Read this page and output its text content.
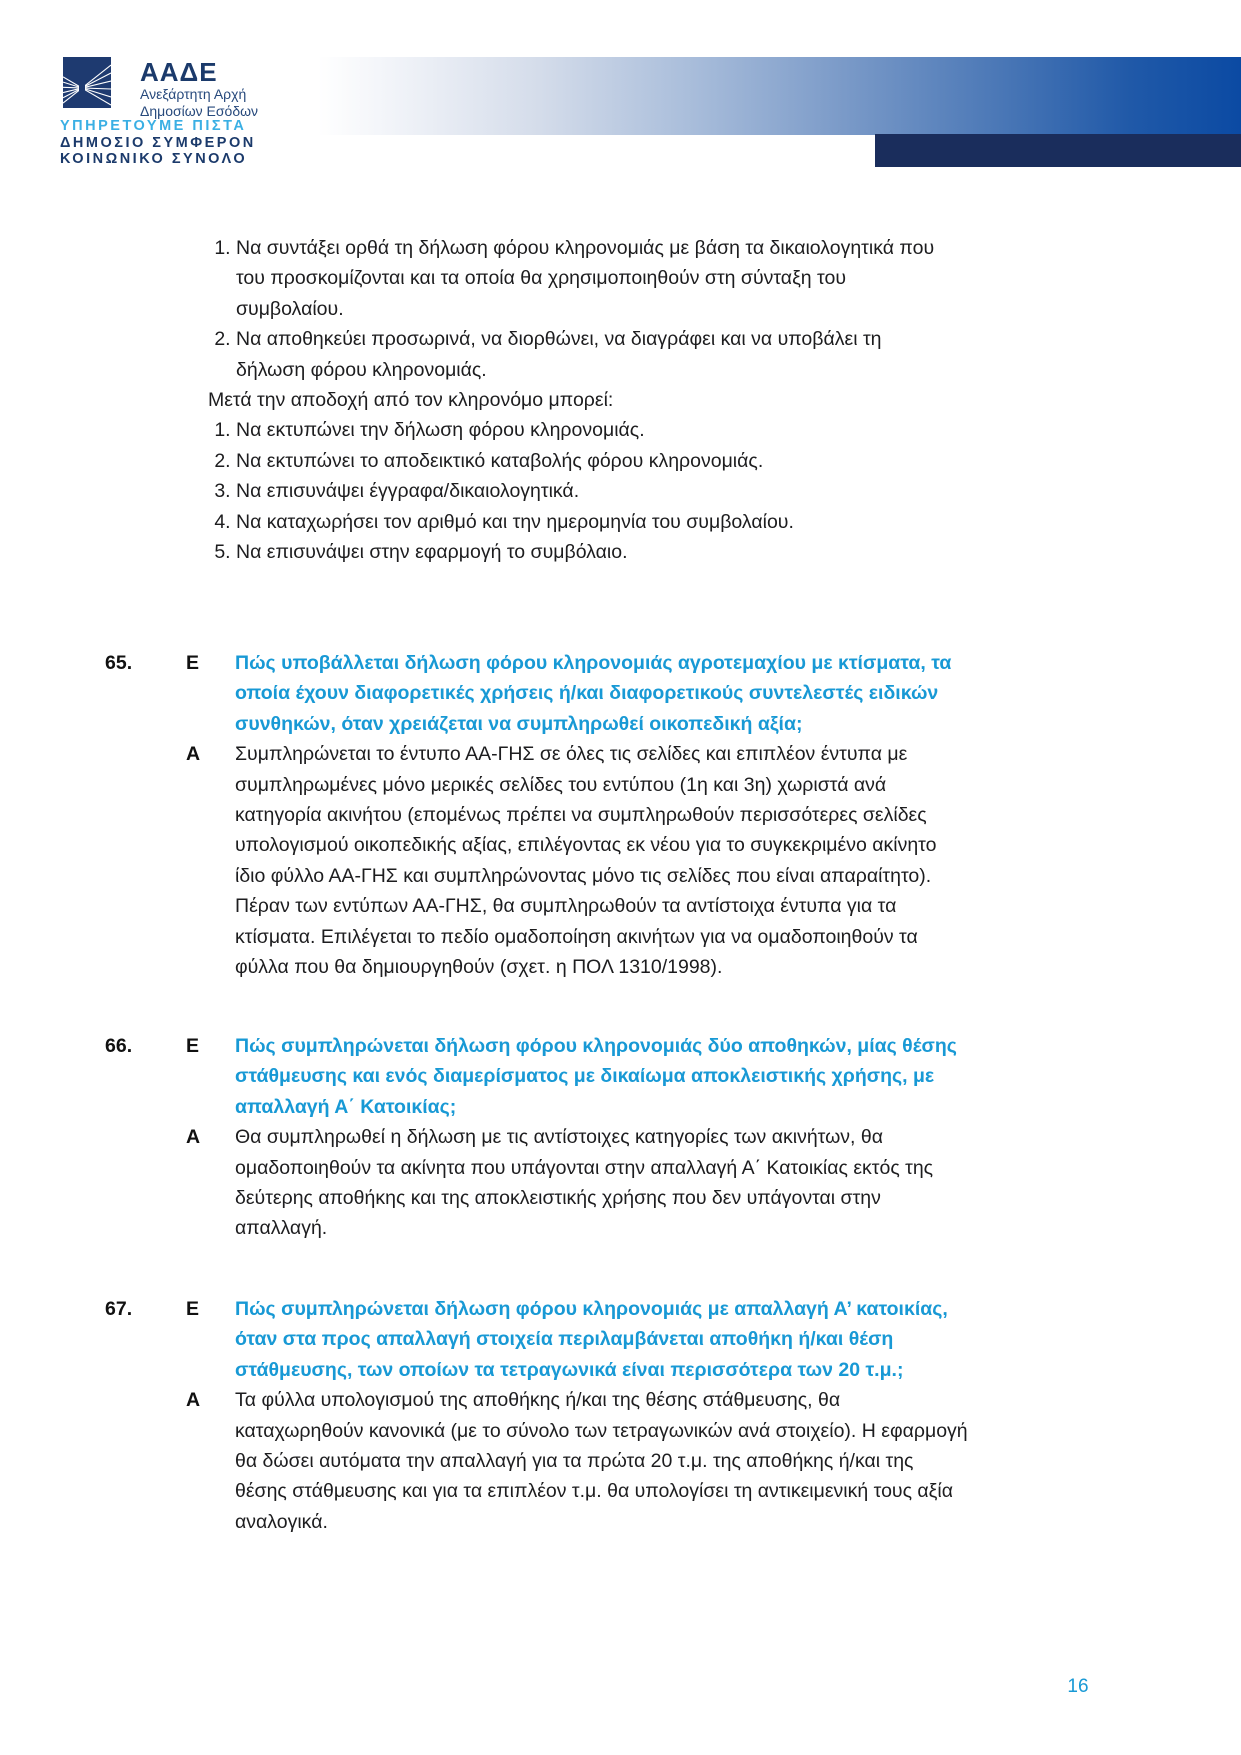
ΑΑΔΕ
Ανεξάρτητη Αρχή
Δημοσίων Εσόδων
ΥΠΗΡΕΤΟΥΜΕ ΠΙΣΤΑ
ΔΗΜΟΣΙΟ ΣΥΜΦΕΡΟΝ
ΚΟΙΝΩΝΙΚΟ ΣΥΝΟΛΟ
1. Να συντάξει ορθά τη δήλωση φόρου κληρονομιάς με βάση τα δικαιολογητικά που του προσκομίζονται και τα οποία θα χρησιμοποιηθούν στη σύνταξη του συμβολαίου.
2. Να αποθηκεύει προσωρινά, να διορθώνει, να διαγράφει και να υποβάλει τη δήλωση φόρου κληρονομιάς.

Μετά την αποδοχή από τον κληρονόμο μπορεί:

1. Να εκτυπώνει την δήλωση φόρου κληρονομιάς.
2. Να εκτυπώνει το αποδεικτικό καταβολής φόρου κληρονομιάς.
3. Να επισυνάψει έγγραφα/δικαιολογητικά.
4. Να καταχωρήσει τον αριθμό και την ημερομηνία του συμβολαίου.
5. Να επισυνάψει στην εφαρμογή το συμβόλαιο.
65.	Ε	Πώς υποβάλλεται δήλωση φόρου κληρονομιάς αγροτεμαχίου με κτίσματα, τα οποία έχουν διαφορετικές χρήσεις ή/και διαφορετικούς συντελεστές ειδικών συνθηκών, όταν χρειάζεται να συμπληρωθεί οικοπεδική αξία;
Α	Συμπληρώνεται το έντυπο ΑΑ-ΓΗΣ σε όλες τις σελίδες και επιπλέον έντυπα με συμπληρωμένες μόνο μερικές σελίδες του εντύπου (1η και 3η) χωριστά ανά κατηγορία ακινήτου (επομένως πρέπει να συμπληρωθούν περισσότερες σελίδες υπολογισμού οικοπεδικής αξίας, επιλέγοντας εκ νέου για το συγκεκριμένο ακίνητο ίδιο φύλλο ΑΑ-ΓΗΣ και συμπληρώνοντας μόνο τις σελίδες που είναι απαραίτητο). Πέραν των εντύπων ΑΑ-ΓΗΣ, θα συμπληρωθούν τα αντίστοιχα έντυπα για τα κτίσματα. Επιλέγεται το πεδίο ομαδοποίηση ακινήτων για να ομαδοποιηθούν τα φύλλα που θα δημιουργηθούν (σχετ. η ΠΟΛ 1310/1998).
66.	Ε	Πώς συμπληρώνεται δήλωση φόρου κληρονομιάς δύο αποθηκών, μίας θέσης στάθμευσης και ενός διαμερίσματος με δικαίωμα αποκλειστικής χρήσης, με απαλλαγή Α΄ Κατοικίας;
Α	Θα συμπληρωθεί η δήλωση με τις αντίστοιχες κατηγορίες των ακινήτων, θα ομαδοποιηθούν τα ακίνητα που υπάγονται στην απαλλαγή Α΄ Κατοικίας εκτός της δεύτερης αποθήκης και της αποκλειστικής χρήσης που δεν υπάγονται στην απαλλαγή.
67.	Ε	Πώς συμπληρώνεται δήλωση φόρου κληρονομιάς με απαλλαγή Α’ κατοικίας, όταν στα προς απαλλαγή στοιχεία περιλαμβάνεται αποθήκη ή/και θέση στάθμευσης, των οποίων τα τετραγωνικά είναι περισσότερα των 20 τ.μ.;
Α	Τα φύλλα υπολογισμού της αποθήκης ή/και της θέσης στάθμευσης, θα καταχωρηθούν κανονικά (με το σύνολο των τετραγωνικών ανά στοιχείο). Η εφαρμογή θα δώσει αυτόματα την απαλλαγή για τα πρώτα 20 τ.μ. της αποθήκης ή/και της θέσης στάθμευσης και για τα επιπλέον τ.μ. θα υπολογίσει τη αντικειμενική τους αξία αναλογικά.
16
